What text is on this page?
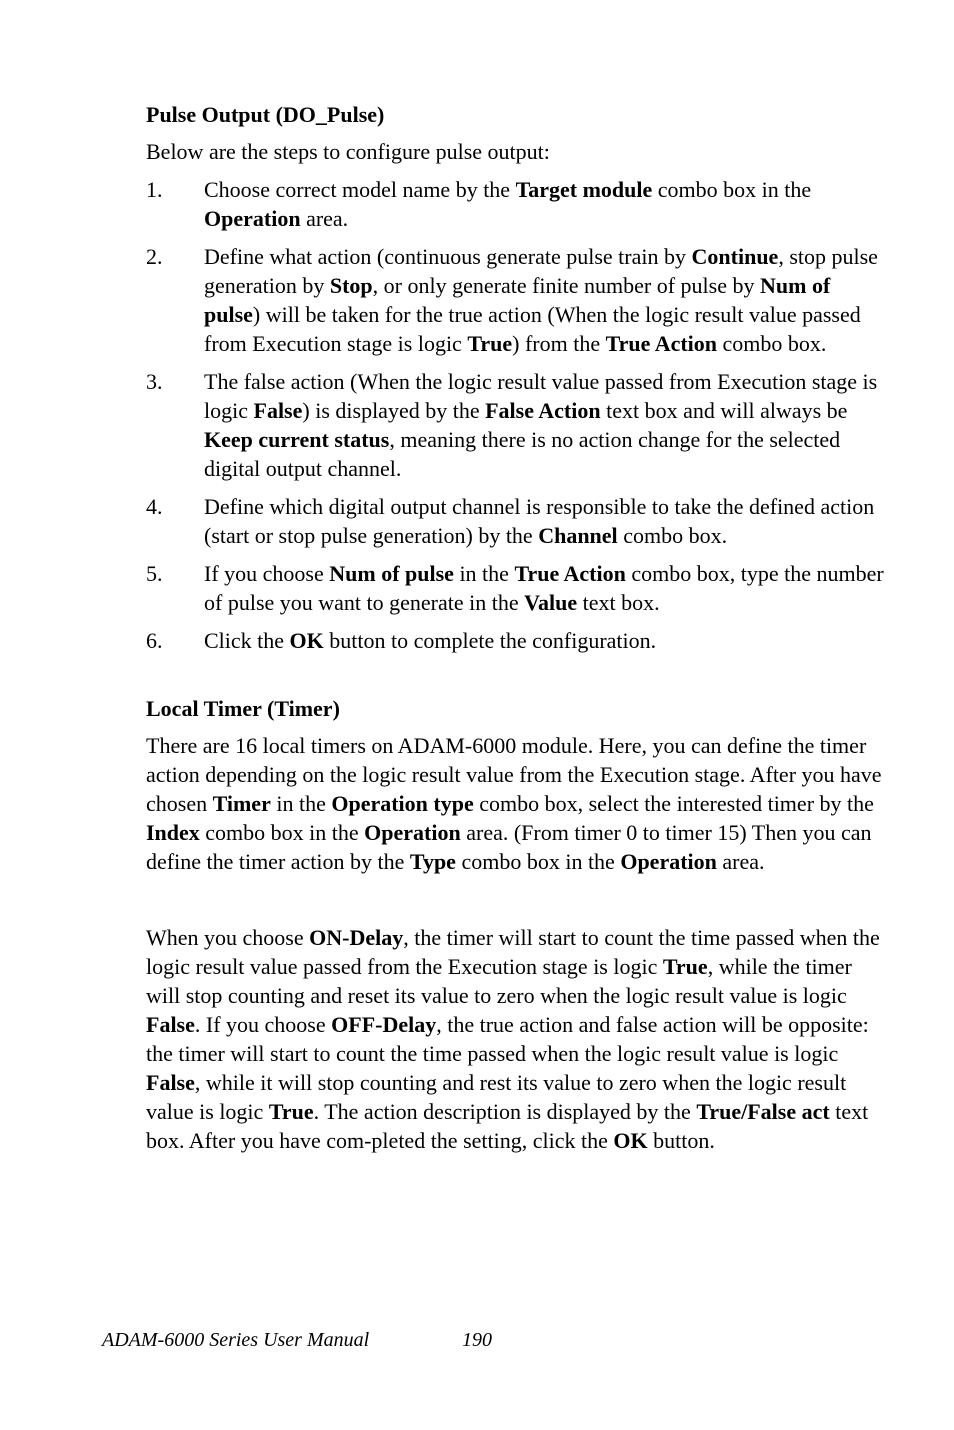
Pulse Output (DO_Pulse)
Below are the steps to configure pulse output:
1.	Choose correct model name by the Target module combo box in the Operation area.
2.	Define what action (continuous generate pulse train by Continue, stop pulse generation by Stop, or only generate finite number of pulse by Num of pulse) will be taken for the true action (When the logic result value passed from Execution stage is logic True) from the True Action combo box.
3.	The false action (When the logic result value passed from Execution stage is logic False) is displayed by the False Action text box and will always be Keep current status, meaning there is no action change for the selected digital output channel.
4.	Define which digital output channel is responsible to take the defined action (start or stop pulse generation) by the Channel combo box.
5.	If you choose Num of pulse in the True Action combo box, type the number of pulse you want to generate in the Value text box.
6.	Click the OK button to complete the configuration.
Local Timer (Timer)
There are 16 local timers on ADAM-6000 module. Here, you can define the timer action depending on the logic result value from the Execution stage. After you have chosen Timer in the Operation type combo box, select the interested timer by the Index combo box in the Operation area. (From timer 0 to timer 15) Then you can define the timer action by the Type combo box in the Operation area.
When you choose ON-Delay, the timer will start to count the time passed when the logic result value passed from the Execution stage is logic True, while the timer will stop counting and reset its value to zero when the logic result value is logic False. If you choose OFF-Delay, the true action and false action will be opposite: the timer will start to count the time passed when the logic result value is logic False, while it will stop counting and rest its value to zero when the logic result value is logic True. The action description is displayed by the True/False act text box. After you have com-pleted the setting, click the OK button.
ADAM-6000 Series User Manual	190
